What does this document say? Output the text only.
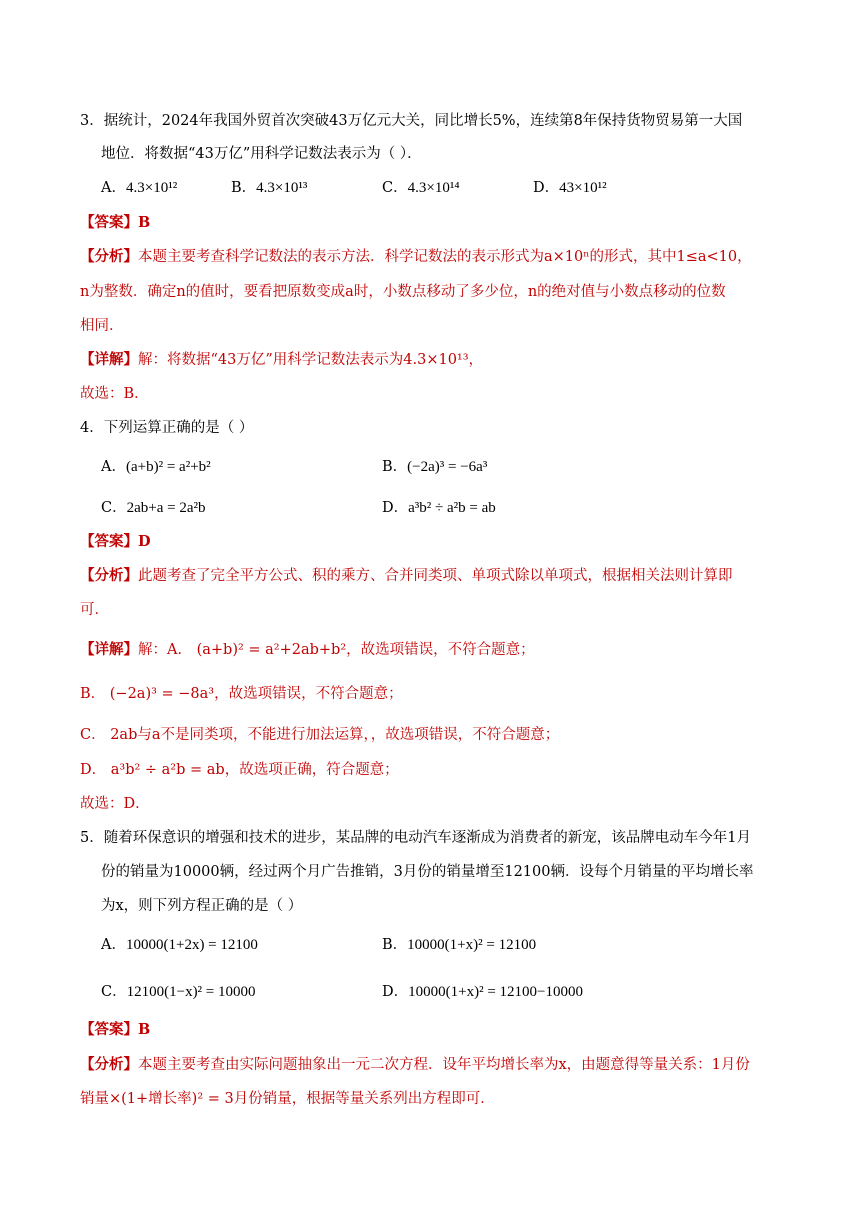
3．据统计，2024年我国外贸首次突破43万亿元大关，同比增长5%，连续第8年保持货物贸易第一大国
地位．将数据“43万亿”用科学记数法表示为（ ）．
A．4.3×10¹²	B．4.3×10¹³	C．4.3×10¹⁴	D．43×10¹²
【答案】B
【分析】本题主要考查科学记数法的表示方法．科学记数法的表示形式为a×10ⁿ的形式，其中1≤a<10，
n为整数．确定n的值时，要看把原数变成a时，小数点移动了多少位，n的绝对值与小数点移动的位数
相同．
【详解】解：将数据“43万亿”用科学记数法表示为4.3×10¹³，
故选：B．
4．下列运算正确的是（ ）
A．(a+b)² = a²+b²	B．(−2a)³ = −6a³
C．2ab+a = 2a²b	D．a³b² ÷ a²b = ab
【答案】D
【分析】此题考查了完全平方公式、积的乘方、合并同类项、单项式除以单项式，根据相关法则计算即
可．
【详解】解：A． (a+b)² = a²+2ab+b²，故选项错误，不符合题意；
B． (−2a)³ = −8a³，故选项错误，不符合题意；
C． 2ab与a不是同类项，不能进行加法运算，，故选项错误，不符合题意；
D． a³b² ÷ a²b = ab，故选项正确，符合题意；
故选：D．
5．随着环保意识的增强和技术的进步，某品牌的电动汽车逐渐成为消费者的新宠，该品牌电动车今年1月
份的销量为10000辆，经过两个月广告推销，3月份的销量增至12100辆．设每个月销量的平均增长率
为x，则下列方程正确的是（ ）
A．10000(1+2x) = 12100	B．10000(1+x)² = 12100
C．12100(1−x)² = 10000	D．10000(1+x)² = 12100−10000
【答案】B
【分析】本题主要考查由实际问题抽象出一元二次方程．设年平均增长率为x，由题意得等量关系：1月份
销量×(1+增长率)² = 3月份销量，根据等量关系列出方程即可．
